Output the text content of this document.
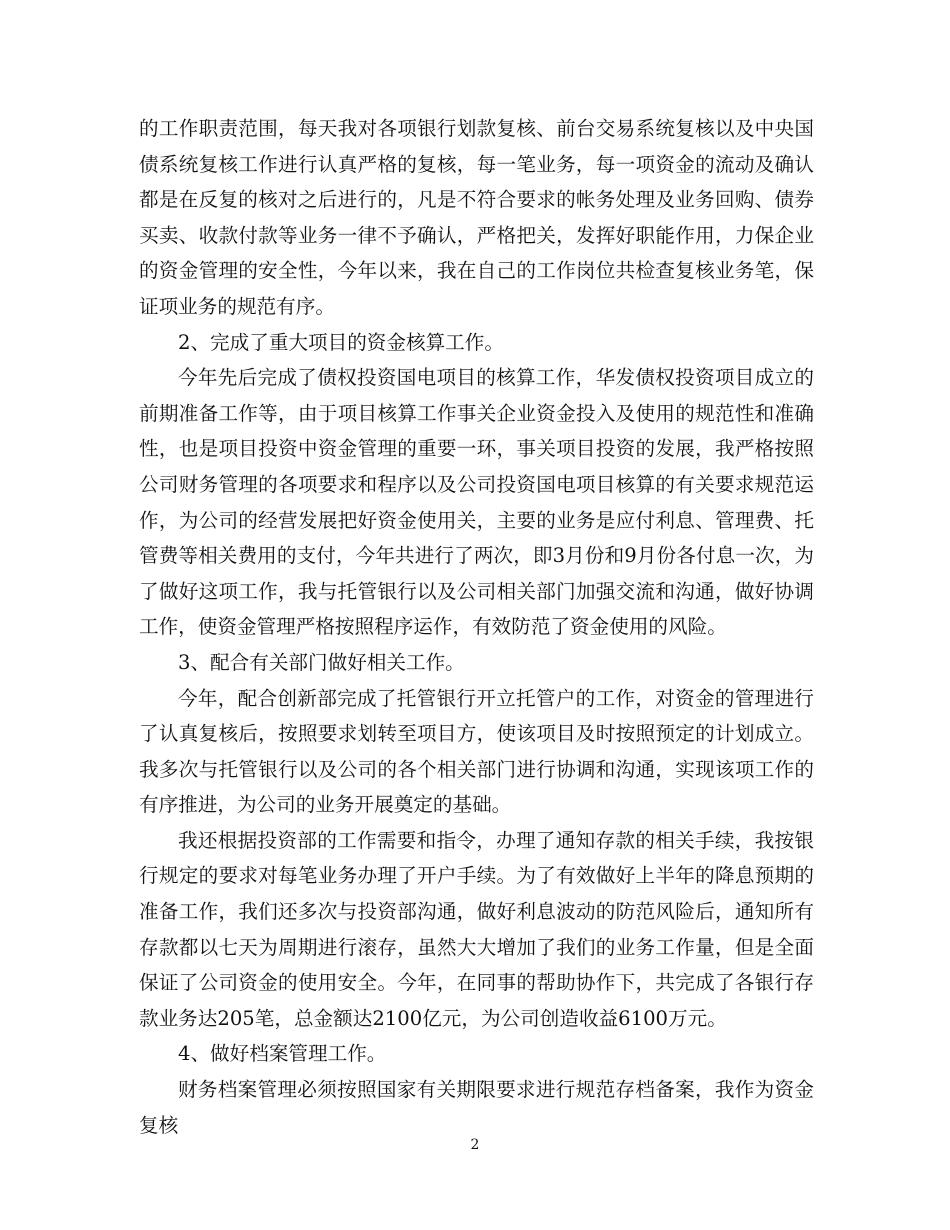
的工作职责范围，每天我对各项银行划款复核、前台交易系统复核以及中央国债系统复核工作进行认真严格的复核，每一笔业务，每一项资金的流动及确认都是在反复的核对之后进行的，凡是不符合要求的帐务处理及业务回购、债券买卖、收款付款等业务一律不予确认，严格把关，发挥好职能作用，力保企业的资金管理的安全性，今年以来，我在自己的工作岗位共检查复核业务笔，保证项业务的规范有序。

2、完成了重大项目的资金核算工作。

今年先后完成了债权投资国电项目的核算工作，华发债权投资项目成立的前期准备工作等，由于项目核算工作事关企业资金投入及使用的规范性和准确性，也是项目投资中资金管理的重要一环，事关项目投资的发展，我严格按照公司财务管理的各项要求和程序以及公司投资国电项目核算的有关要求规范运作，为公司的经营发展把好资金使用关，主要的业务是应付利息、管理费、托管费等相关费用的支付，今年共进行了两次，即3月份和9月份各付息一次，为了做好这项工作，我与托管银行以及公司相关部门加强交流和沟通，做好协调工作，使资金管理严格按照程序运作，有效防范了资金使用的风险。

3、配合有关部门做好相关工作。

今年，配合创新部完成了托管银行开立托管户的工作，对资金的管理进行了认真复核后，按照要求划转至项目方，使该项目及时按照预定的计划成立。我多次与托管银行以及公司的各个相关部门进行协调和沟通，实现该项工作的有序推进，为公司的业务开展奠定的基础。

我还根据投资部的工作需要和指令，办理了通知存款的相关手续，我按银行规定的要求对每笔业务办理了开户手续。为了有效做好上半年的降息预期的准备工作，我们还多次与投资部沟通，做好利息波动的防范风险后，通知所有存款都以七天为周期进行滚存，虽然大大增加了我们的业务工作量，但是全面保证了公司资金的使用安全。今年，在同事的帮助协作下，共完成了各银行存款业务达205笔，总金额达2100亿元，为公司创造收益6100万元。

4、做好档案管理工作。

财务档案管理必须按照国家有关期限要求进行规范存档备案，我作为资金复核

2
